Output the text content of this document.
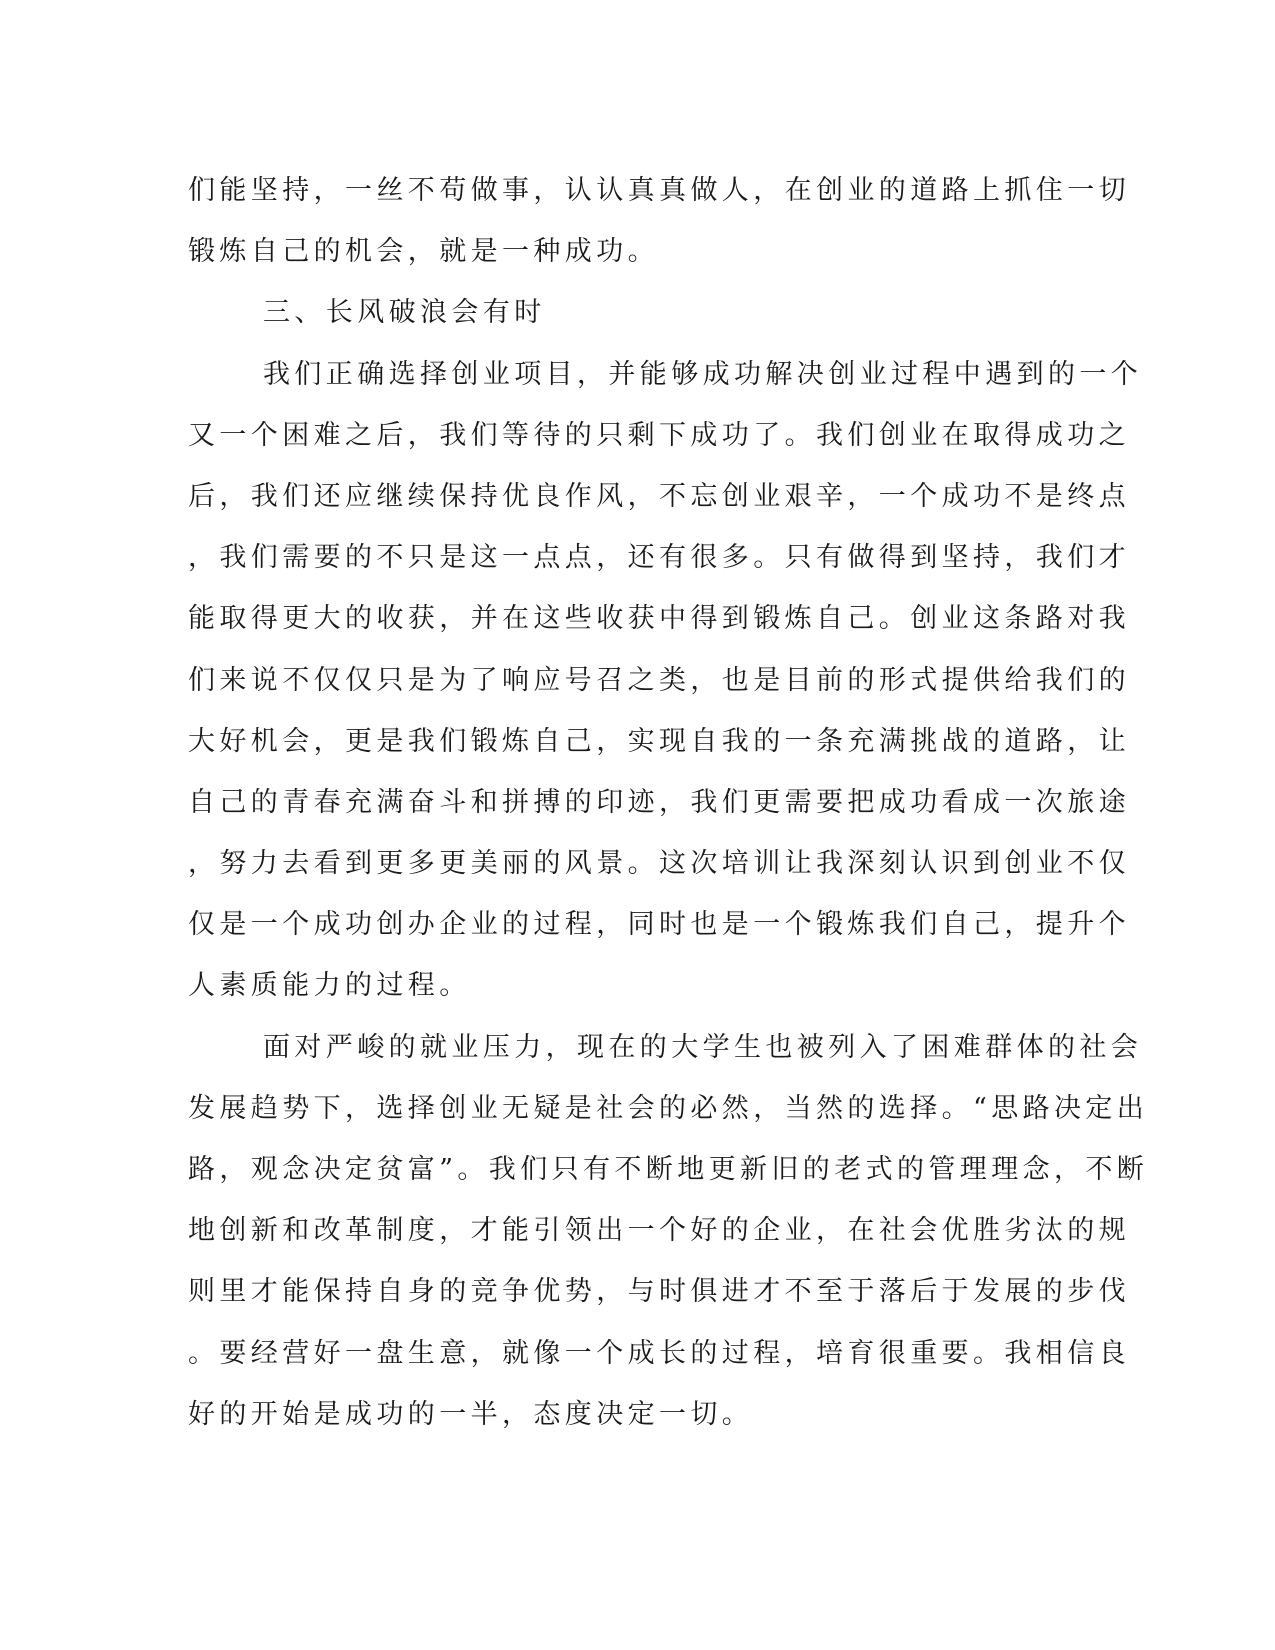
们能坚持，一丝不苟做事，认认真真做人，在创业的道路上抓住一切
锻炼自己的机会，就是一种成功。
三、长风破浪会有时
我们正确选择创业项目，并能够成功解决创业过程中遇到的一个
又一个困难之后，我们等待的只剩下成功了。我们创业在取得成功之
后，我们还应继续保持优良作风，不忘创业艰辛，一个成功不是终点
，我们需要的不只是这一点点，还有很多。只有做得到坚持，我们才
能取得更大的收获，并在这些收获中得到锻炼自己。创业这条路对我
们来说不仅仅只是为了响应号召之类，也是目前的形式提供给我们的
大好机会，更是我们锻炼自己，实现自我的一条充满挑战的道路，让
自己的青春充满奋斗和拼搏的印迹，我们更需要把成功看成一次旅途
，努力去看到更多更美丽的风景。这次培训让我深刻认识到创业不仅
仅是一个成功创办企业的过程，同时也是一个锻炼我们自己，提升个
人素质能力的过程。
面对严峻的就业压力，现在的大学生也被列入了困难群体的社会
发展趋势下，选择创业无疑是社会的必然，当然的选择。“思路决定出
路，观念决定贫富”。我们只有不断地更新旧的老式的管理理念，不断
地创新和改革制度，才能引领出一个好的企业，在社会优胜劣汰的规
则里才能保持自身的竞争优势，与时俱进才不至于落后于发展的步伐
。要经营好一盘生意，就像一个成长的过程，培育很重要。我相信良
好的开始是成功的一半，态度决定一切。
